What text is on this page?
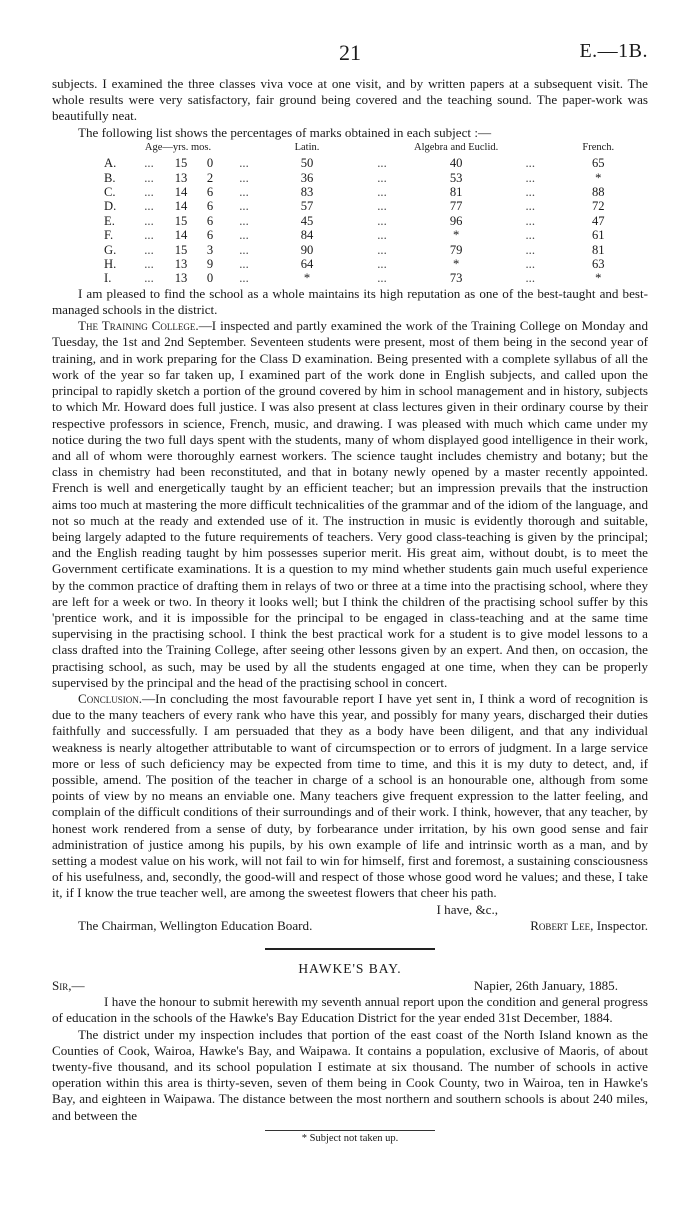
21	E.—1B.

subjects. I examined the three classes viva voce at one visit, and by written papers at a subsequent visit. The whole results were very satisfactory, fair ground being covered and the teaching sound. The paper-work was beautifully neat.

The following list shows the percentages of marks obtained in each subject :—

	Age—yrs. mos.				Latin.		Algebra and Euclid.		French.
A.	...	15	0	...	50	...	40	...	65
B.	...	13	2	...	36	...	53	...	*
C.	...	14	6	...	83	...	81	...	88
D.	...	14	6	...	57	...	77	...	72
E.	...	15	6	...	45	...	96	...	47
F.	...	14	6	...	84	...	*	...	61
G.	...	15	3	...	90	...	79	...	81
H.	...	13	9	...	64	...	*	...	63
I.	...	13	0	...	*	...	73	...	*

I am pleased to find the school as a whole maintains its high reputation as one of the best-taught and best-managed schools in the district.

The Training College.—I inspected and partly examined the work of the Training College on Monday and Tuesday, the 1st and 2nd September. Seventeen students were present, most of them being in the second year of training, and in work preparing for the Class D examination. Being presented with a complete syllabus of all the work of the year so far taken up, I examined part of the work done in English subjects, and called upon the principal to rapidly sketch a portion of the ground covered by him in school management and in history, subjects to which Mr. Howard does full justice. I was also present at class lectures given in their ordinary course by their respective professors in science, French, music, and drawing. I was pleased with much which came under my notice during the two full days spent with the students, many of whom displayed good intelligence in their work, and all of whom were thoroughly earnest workers. The science taught includes chemistry and botany; but the class in chemistry had been reconstituted, and that in botany newly opened by a master recently appointed. French is well and energetically taught by an efficient teacher; but an impression prevails that the instruction aims too much at mastering the more difficult technicalities of the grammar and of the idiom of the language, and not so much at the ready and extended use of it. The instruction in music is evidently thorough and suitable, being largely adapted to the future requirements of teachers. Very good class-teaching is given by the principal; and the English reading taught by him possesses superior merit. His great aim, without doubt, is to meet the Government certificate examinations. It is a question to my mind whether students gain much useful experience by the common practice of drafting them in relays of two or three at a time into the practising school, where they are left for a week or two. In theory it looks well; but I think the children of the practising school suffer by this 'prentice work, and it is impossible for the principal to be engaged in class-teaching and at the same time supervising in the practising school. I think the best practical work for a student is to give model lessons to a class drafted into the Training College, after seeing other lessons given by an expert. And then, on occasion, the practising school, as such, may be used by all the students engaged at one time, when they can be properly supervised by the principal and the head of the practising school in concert.

Conclusion.—In concluding the most favourable report I have yet sent in, I think a word of recognition is due to the many teachers of every rank who have this year, and possibly for many years, discharged their duties faithfully and successfully. I am persuaded that they as a body have been diligent, and that any individual weakness is nearly altogether attributable to want of circumspection or to errors of judgment. In a large service more or less of such deficiency may be expected from time to time, and this it is my duty to detect, and, if possible, amend. The position of the teacher in charge of a school is an honourable one, although from some points of view by no means an enviable one. Many teachers give frequent expression to the latter feeling, and complain of the difficult conditions of their surroundings and of their work. I think, however, that any teacher, by honest work rendered from a sense of duty, by forbearance under irritation, by his own good sense and fair administration of justice among his pupils, by his own example of life and intrinsic worth as a man, and by setting a modest value on his work, will not fail to win for himself, first and foremost, a sustaining consciousness of his usefulness, and, secondly, the good-will and respect of those whose good word he values; and these, I take it, if I know the true teacher well, are among the sweetest flowers that cheer his path.

I have, &c.,
The Chairman, Wellington Education Board.	Robert Lee, Inspector.
HAWKE'S BAY.
Sir,—	Napier, 26th January, 1885.

I have the honour to submit herewith my seventh annual report upon the condition and general progress of education in the schools of the Hawke's Bay Education District for the year ended 31st December, 1884.

The district under my inspection includes that portion of the east coast of the North Island known as the Counties of Cook, Wairoa, Hawke's Bay, and Waipawa. It contains a population, exclusive of Maoris, of about twenty-five thousand, and its school population I estimate at six thousand. The number of schools in active operation within this area is thirty-seven, seven of them being in Cook County, two in Wairoa, ten in Hawke's Bay, and eighteen in Waipawa. The distance between the most northern and southern schools is about 240 miles, and between the

* Subject not taken up.
